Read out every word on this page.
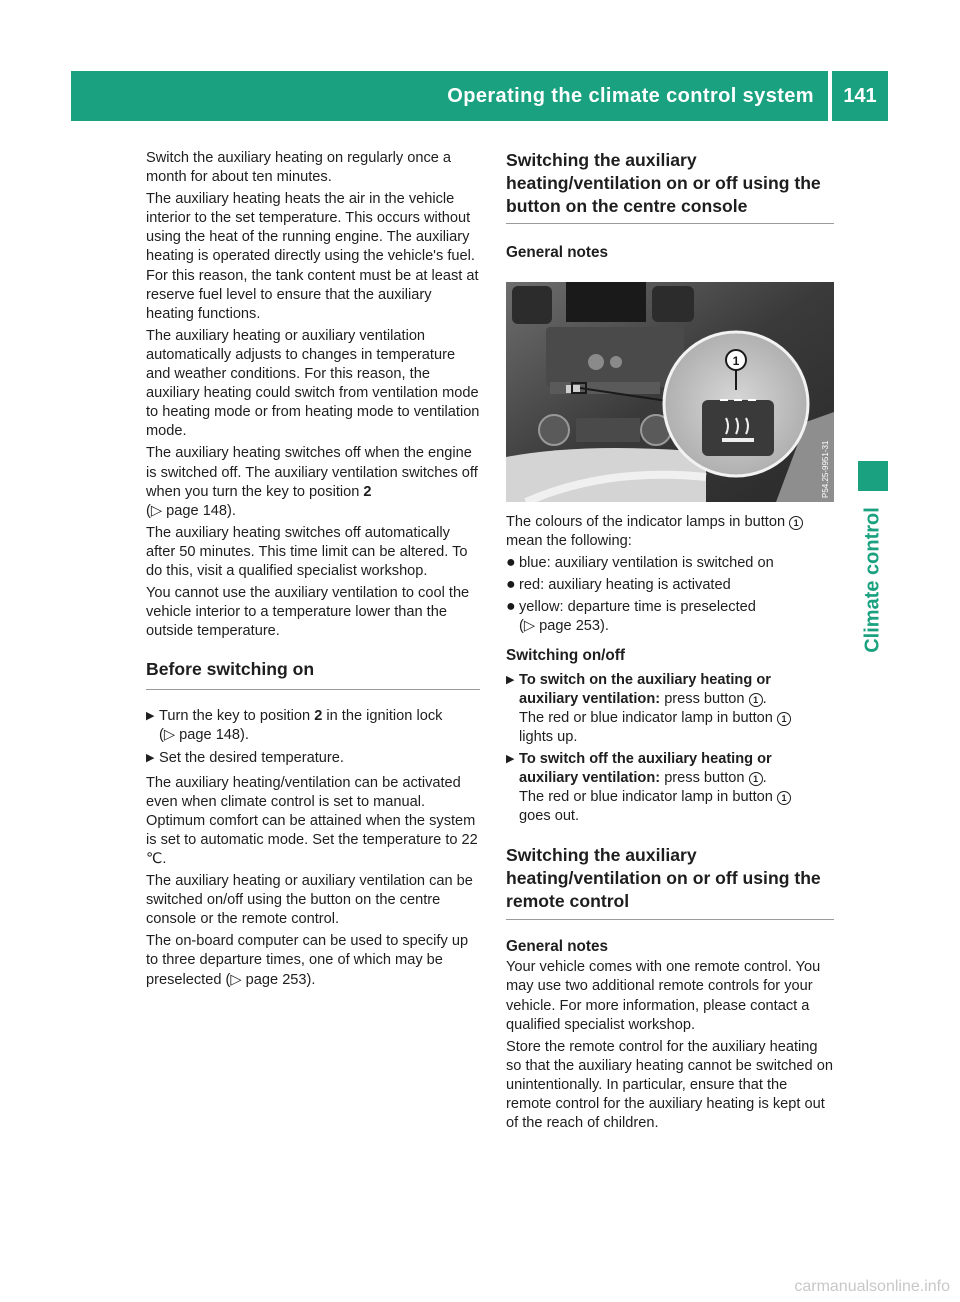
Operating the climate control system	141
Climate control

Switch the auxiliary heating on regularly once a month for about ten minutes.

The auxiliary heating heats the air in the vehicle interior to the set temperature. This occurs without using the heat of the running engine. The auxiliary heating is operated directly using the vehicle's fuel. For this reason, the tank content must be at least at reserve fuel level to ensure that the auxiliary heating functions.

The auxiliary heating or auxiliary ventilation automatically adjusts to changes in temperature and weather conditions. For this reason, the auxiliary heating could switch from ventilation mode to heating mode or from heating mode to ventilation mode.

The auxiliary heating switches off when the engine is switched off. The auxiliary ventilation switches off when you turn the key to position 2
(▷ page 148).

The auxiliary heating switches off automatically after 50 minutes. This time limit can be altered. To do this, visit a qualified specialist workshop.

You cannot use the auxiliary ventilation to cool the vehicle interior to a temperature lower than the outside temperature.

Before switching on

▶ Turn the key to position 2 in the ignition lock
(▷ page 148).

▶ Set the desired temperature.

The auxiliary heating/ventilation can be activated even when climate control is set to manual. Optimum comfort can be attained when the system is set to automatic mode. Set the temperature to 22 ℃.

The auxiliary heating or auxiliary ventilation can be switched on/off using the button on the centre console or the remote control.

The on-board computer can be used to specify up to three departure times, one of which may be preselected (▷ page 253).

Switching the auxiliary heating/ventilation on or off using the button on the centre console
General notes
1
P54.25-9951-31

The colours of the indicator lamps in button 1
mean the following:

● blue: auxiliary ventilation is switched on

● red: auxiliary heating is activated

● yellow: departure time is preselected
(▷ page 253).

Switching on/off

▶ To switch on the auxiliary heating or auxiliary ventilation: press button 1 .
The red or blue indicator lamp in button 1
lights up.

▶ To switch off the auxiliary heating or auxiliary ventilation: press button 1 .
The red or blue indicator lamp in button 1
goes out.

Switching the auxiliary heating/ventilation on or off using the remote control
General notes

Your vehicle comes with one remote control. You may use two additional remote controls for your vehicle. For more information, please contact a qualified specialist workshop.

Store the remote control for the auxiliary heating so that the auxiliary heating cannot be switched on unintentionally. In particular, ensure that the remote control for the auxiliary heating is kept out of the reach of children.

carmanualsonline.info
